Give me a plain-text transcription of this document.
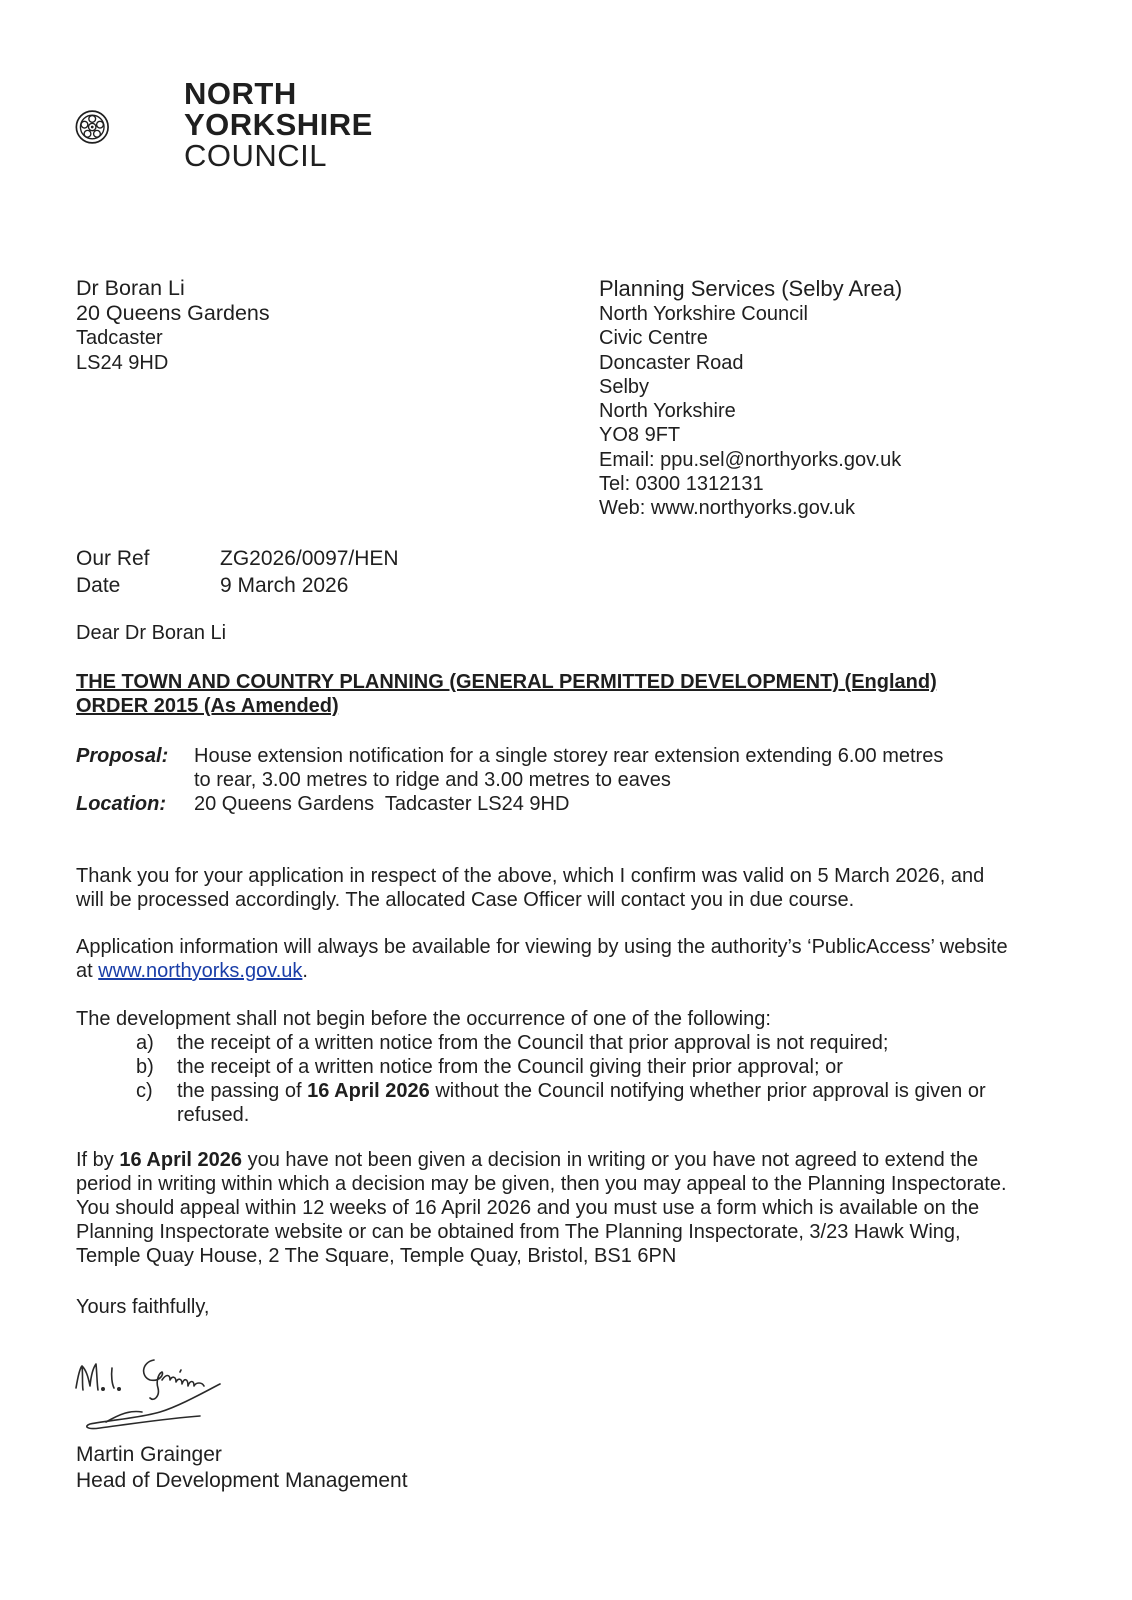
NORTH
YORKSHIRE
COUNCIL
Dr Boran Li
20 Queens Gardens
Tadcaster
LS24 9HD
Planning Services (Selby Area)
North Yorkshire Council
Civic Centre
Doncaster Road
Selby
North Yorkshire
YO8 9FT
Email: ppu.sel@northyorks.gov.uk
Tel: 0300 1312131
Web: www.northyorks.gov.uk
Our Ref	ZG2026/0097/HEN
Date	9 March 2026
Dear Dr Boran Li
THE TOWN AND COUNTRY PLANNING (GENERAL PERMITTED DEVELOPMENT) (England)
ORDER 2015 (As Amended)
Proposal:	House extension notification for a single storey rear extension extending 6.00 metres
to rear, 3.00 metres to ridge and 3.00 metres to eaves
Location:	20 Queens Gardens  Tadcaster LS24 9HD
Thank you for your application in respect of the above, which I confirm was valid on 5 March 2026, and
will be processed accordingly. The allocated Case Officer will contact you in due course.
Application information will always be available for viewing by using the authority’s ‘PublicAccess’ website
at www.northyorks.gov.uk.
The development shall not begin before the occurrence of one of the following:
a)	the receipt of a written notice from the Council that prior approval is not required;
b)	the receipt of a written notice from the Council giving their prior approval; or
c)	the passing of 16 April 2026 without the Council notifying whether prior approval is given or
refused.
If by 16 April 2026 you have not been given a decision in writing or you have not agreed to extend the
period in writing within which a decision may be given, then you may appeal to the Planning Inspectorate.
You should appeal within 12 weeks of 16 April 2026 and you must use a form which is available on the
Planning Inspectorate website or can be obtained from The Planning Inspectorate, 3/23 Hawk Wing,
Temple Quay House, 2 The Square, Temple Quay, Bristol, BS1 6PN
Yours faithfully,
Martin Grainger
Head of Development Management
